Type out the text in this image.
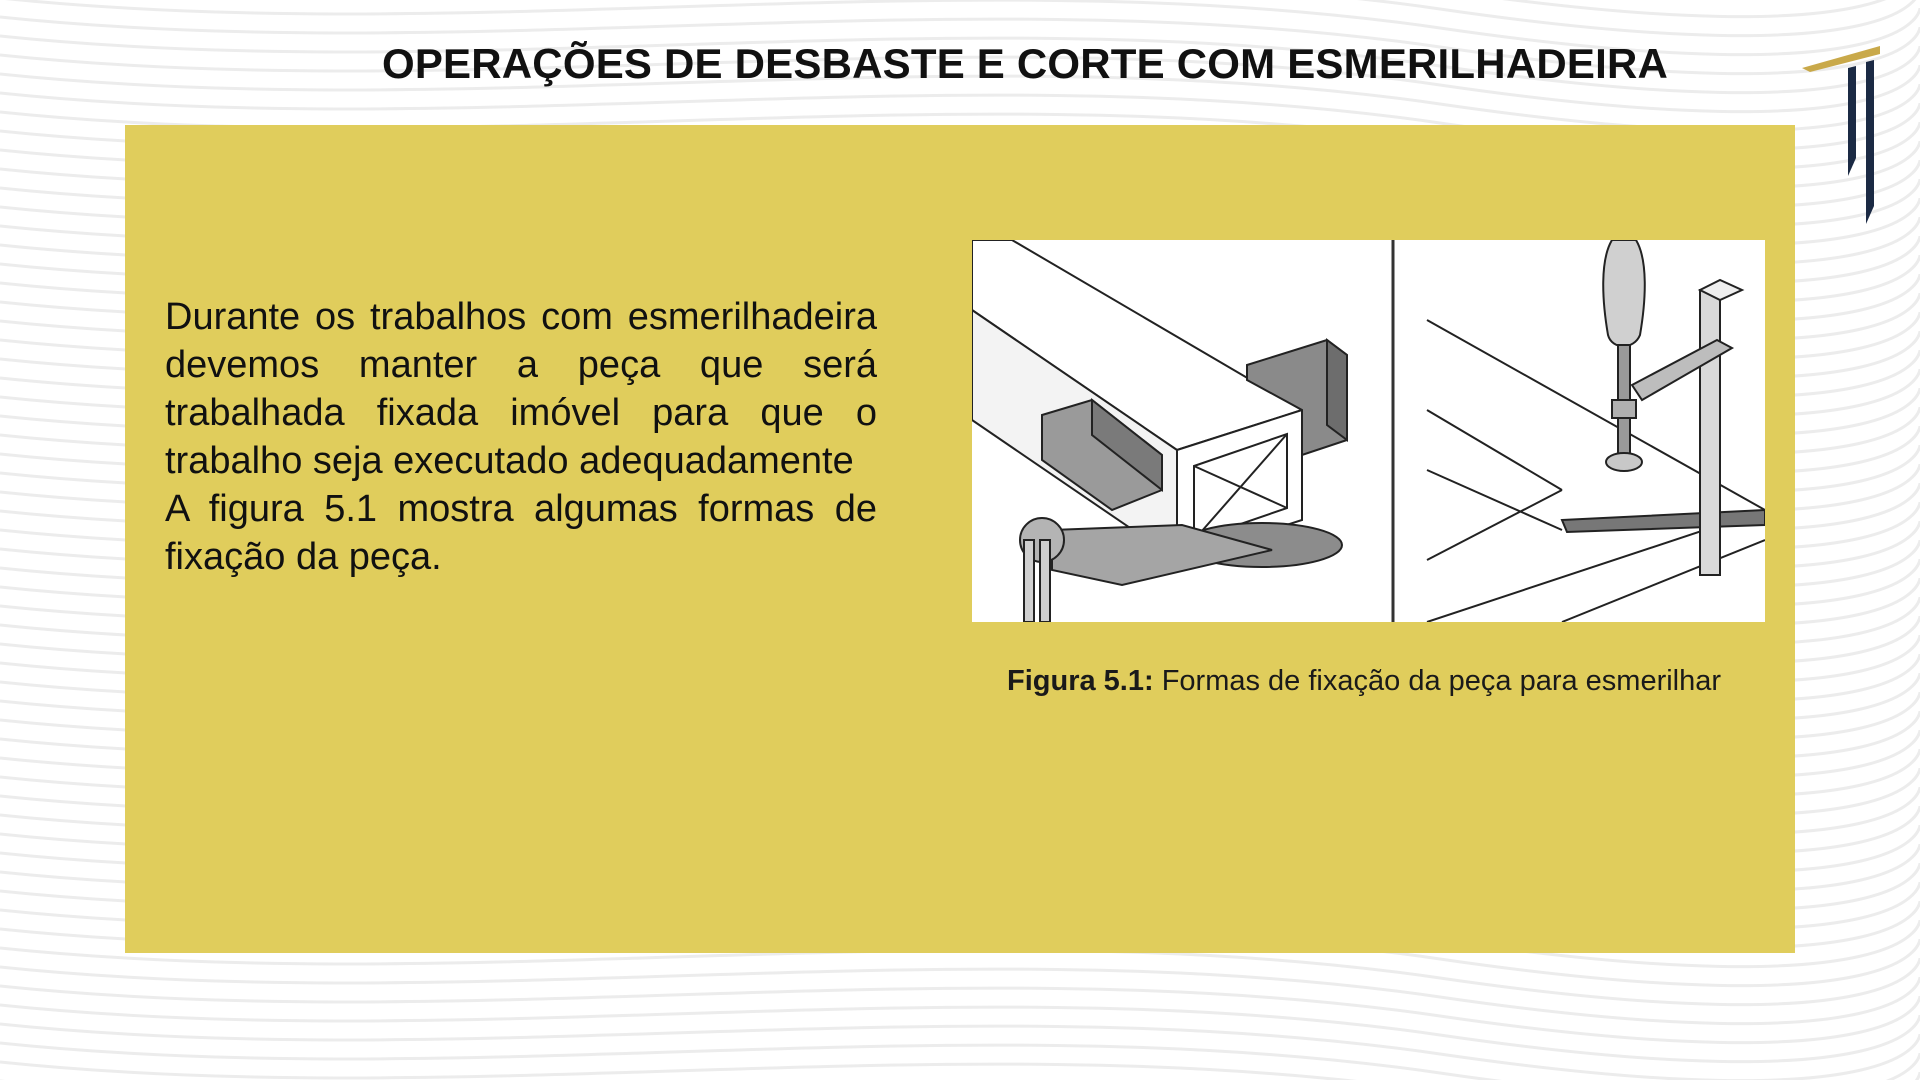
OPERAÇÕES DE DESBASTE E CORTE COM ESMERILHADEIRA

Durante os trabalhos com esmerilhadeira devemos manter a peça que será trabalhada fixada imóvel para que o trabalho seja executado adequadamente
A figura 5.1 mostra algumas formas de fixação da peça.

Figura 5.1: Formas de fixação da peça para esmerilhar
